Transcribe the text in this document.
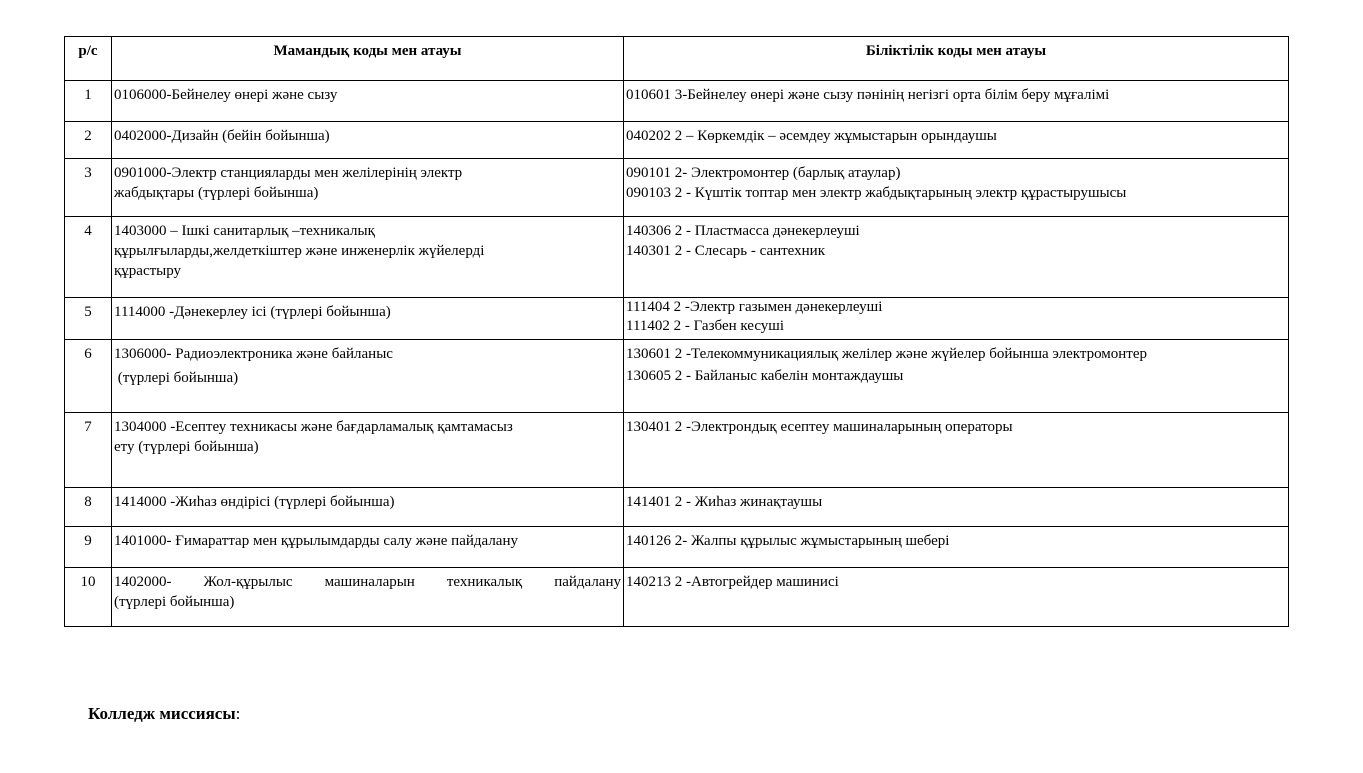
р/с	Мамандық коды мен атауы	Біліктілік коды мен атауы
1	0106000-Бейнелеу өнері және сызу	010601 3-Бейнелеу өнері және сызу пәнінің негізгі орта білім беру мұғалімі

2	0402000-Дизайн (бейін бойынша)	040202 2 – Көркемдік – әсемдеу жұмыстарын орындаушы

3	0901000-Электр станцияларды мен желілерінің электр
жабдықтары (түрлері бойынша)	090101 2- Электромонтер (барлық атаулар)
090103 2 - Күштік топтар мен электр жабдықтарының электр құрастырушысы

4	1403000 – Ішкі санитарлық –техникалық
құрылғыларды,желдеткіштер және инженерлік жүйелерді
құрастыру	140306 2 - Пластмасса дәнекерлеуші
140301 2 - Слесарь - сантехник

5	1114000 -Дәнекерлеу ісі (түрлері бойынша)	111404 2 -Электр газымен дәнекерлеуші
111402 2 - Газбен кесуші

6	1306000- Радиоэлектроника және байланыс
(түрлері бойынша)	130601 2 -Телекоммуникациялық желілер және жүйелер бойынша электромонтер
130605 2 - Байланыс кабелін монтаждаушы

7	1304000 -Есептеу техникасы және бағдарламалық қамтамасыз
ету (түрлері бойынша)	130401 2 -Электрондық есептеу машиналарының операторы

8	1414000 -Жиһаз өндірісі (түрлері бойынша)	141401 2 - Жиһаз жинақтаушы

9	1401000- Ғимараттар мен құрылымдарды салу және пайдалану	140126 2- Жалпы құрылыс жұмыстарының шебері

10	1402000- Жол-құрылыс машиналарын техникалық пайдалану
(түрлері бойынша)	140213 2 -Автогрейдер машинисі
Колледж миссиясы:
